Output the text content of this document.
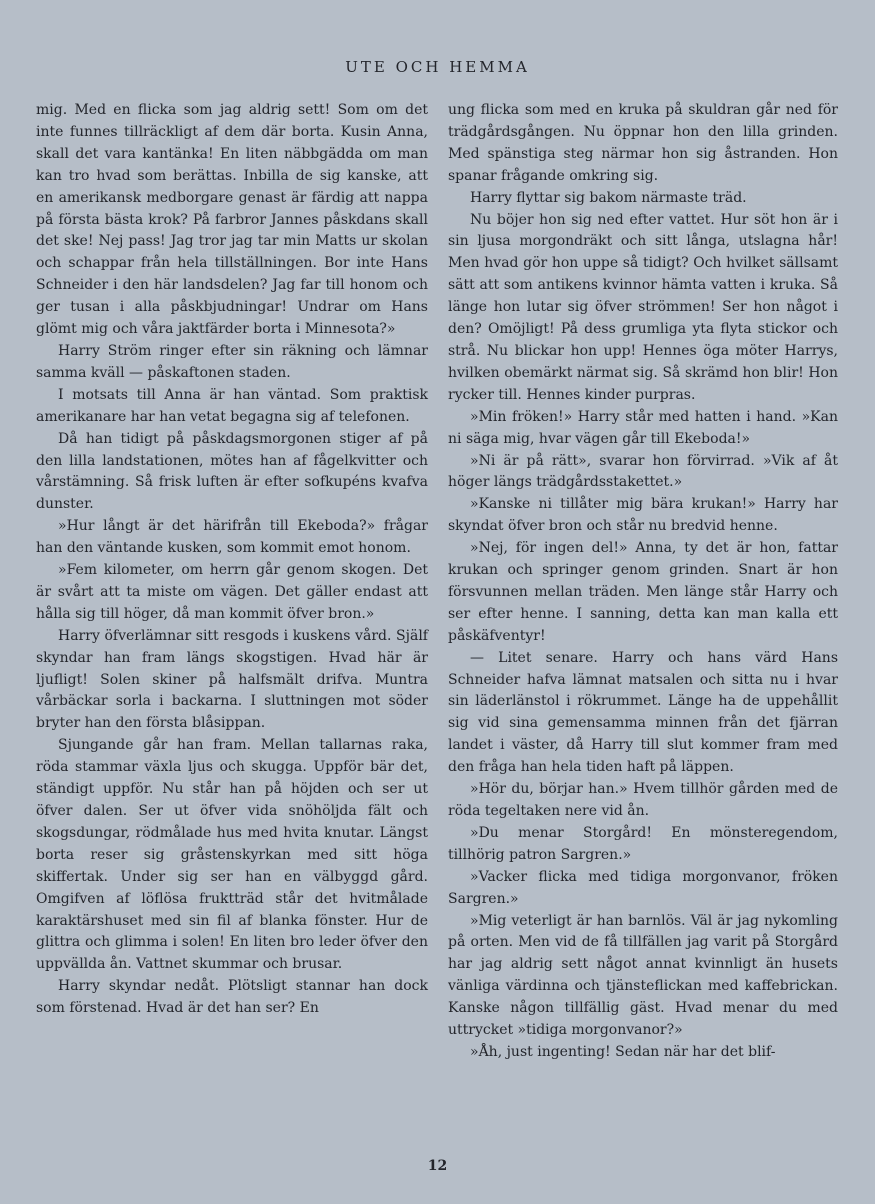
UTE OCH HEMMA

mig. Med en flicka som jag aldrig sett! Som om det inte funnes tillräckligt af dem där borta. Kusin Anna, skall det vara kantänka! En liten näbbgädda om man kan tro hvad som berättas. Inbilla de sig kanske, att en amerikansk medborgare genast är färdig att nappa på första bästa krok? På farbror Jannes påskdans skall det ske! Nej pass! Jag tror jag tar min Matts ur skolan och schappar från hela tillställningen. Bor inte Hans Schneider i den här landsdelen? Jag far till honom och ger tusan i alla påskbjudningar! Undrar om Hans glömt mig och våra jaktfärder borta i Minnesota?»

Harry Ström ringer efter sin räkning och lämnar samma kväll — påskaftonen staden.

I motsats till Anna är han väntad. Som praktisk amerikanare har han vetat begagna sig af telefonen.

Då han tidigt på påskdagsmorgonen stiger af på den lilla landstationen, mötes han af fågelkvitter och vårstämning. Så frisk luften är efter sofkupéns kvafva dunster.

»Hur långt är det härifrån till Ekeboda?» frågar han den väntande kusken, som kommit emot honom.

»Fem kilometer, om herrn går genom skogen. Det är svårt att ta miste om vägen. Det gäller endast att hålla sig till höger, då man kommit öfver bron.»

Harry öfverlämnar sitt resgods i kuskens vård. Själf skyndar han fram längs skogstigen. Hvad här är ljufligt! Solen skiner på halfsmält drifva. Muntra vårbäckar sorla i backarna. I sluttningen mot söder bryter han den första blåsippan.

Sjungande går han fram. Mellan tallarnas raka, röda stammar växla ljus och skugga. Uppför bär det, ständigt uppför. Nu står han på höjden och ser ut öfver dalen. Ser ut öfver vida snöhöljda fält och skogsdungar, rödmålade hus med hvita knutar. Längst borta reser sig gråstenskyrkan med sitt höga skiffertak. Under sig ser han en välbyggd gård. Omgifven af löflösa fruktträd står det hvitmålade karaktärshuset med sin fil af blanka fönster. Hur de glittra och glimma i solen! En liten bro leder öfver den uppvällda ån. Vattnet skummar och brusar.

Harry skyndar nedåt. Plötsligt stannar han dock som förstenad. Hvad är det han ser? En

ung flicka som med en kruka på skuldran går ned för trädgårdsgången. Nu öppnar hon den lilla grinden. Med spänstiga steg närmar hon sig åstranden. Hon spanar frågande omkring sig.

Harry flyttar sig bakom närmaste träd.

Nu böjer hon sig ned efter vattet. Hur söt hon är i sin ljusa morgondräkt och sitt långa, utslagna hår! Men hvad gör hon uppe så tidigt? Och hvilket sällsamt sätt att som antikens kvinnor hämta vatten i kruka. Så länge hon lutar sig öfver strömmen! Ser hon något i den? Omöjligt! På dess grumliga yta flyta stickor och strå. Nu blickar hon upp! Hennes öga möter Harrys, hvilken obemärkt närmat sig. Så skrämd hon blir! Hon rycker till. Hennes kinder purpras.

»Min fröken!» Harry står med hatten i hand. »Kan ni säga mig, hvar vägen går till Ekeboda!»

»Ni är på rätt», svarar hon förvirrad. »Vik af åt höger längs trädgårdsstakettet.»

»Kanske ni tillåter mig bära krukan!» Harry har skyndat öfver bron och står nu bredvid henne.

»Nej, för ingen del!» Anna, ty det är hon, fattar krukan och springer genom grinden. Snart är hon försvunnen mellan träden. Men länge står Harry och ser efter henne. I sanning, detta kan man kalla ett påskäfventyr!

— Litet senare. Harry och hans värd Hans Schneider hafva lämnat matsalen och sitta nu i hvar sin läderlänstol i rökrummet. Länge ha de uppehållit sig vid sina gemensamma minnen från det fjärran landet i väster, då Harry till slut kommer fram med den fråga han hela tiden haft på läppen.

»Hör du, börjar han.» Hvem tillhör gården med de röda tegeltaken nere vid ån.

»Du menar Storgård! En mönsteregendom, tillhörig patron Sargren.»

»Vacker flicka med tidiga morgonvanor, fröken Sargren.»

»Mig veterligt är han barnlös. Väl är jag nykomling på orten. Men vid de få tillfällen jag varit på Storgård har jag aldrig sett något annat kvinnligt än husets vänliga värdinna och tjänsteflickan med kaffebrickan. Kanske någon tillfällig gäst. Hvad menar du med uttrycket »tidiga morgonvanor?»

»Åh, just ingenting! Sedan när har det blif-

12
